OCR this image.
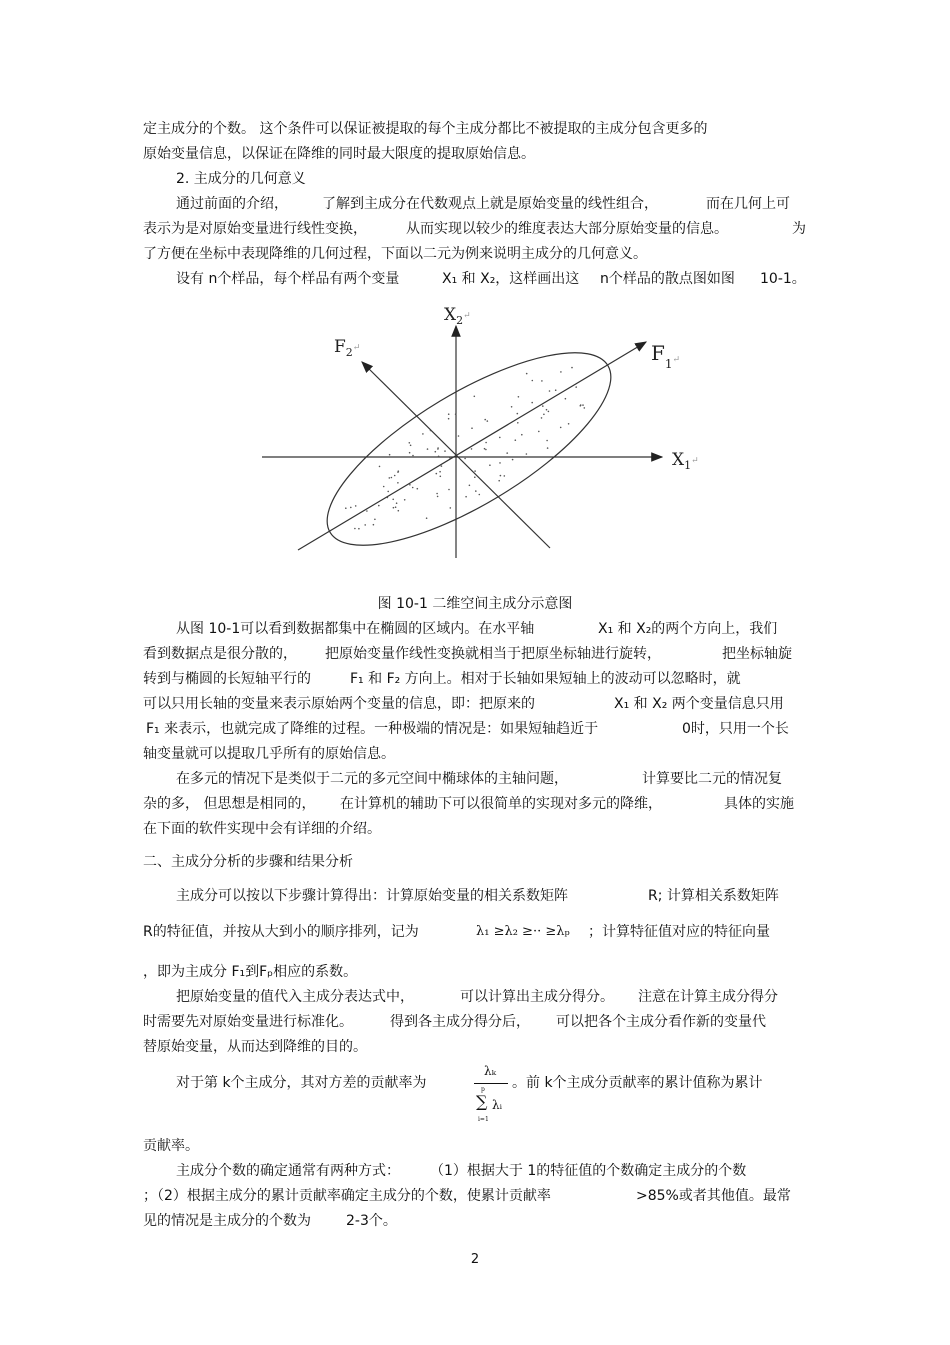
定主成分的个数。 这个条件可以保证被提取的每个主成分都比不被提取的主成分包含更多的
原始变量信息，以保证在降维的同时最大限度的提取原始信息。
2. 主成分的几何意义
通过前面的介绍， 了解到主成分在代数观点上就是原始变量的线性组合，	而在几何上可
表示为是对原始变量进行线性变换，	从而实现以较少的维度表达大部分原始变量的信息。	为
了方便在坐标中表现降维的几何过程，下面以二元为例来说明主成分的几何意义。
设有 n个样品，每个样品有两个变量	X₁ 和 X₂，这样画出这 n个样品的散点图如图 10-1。
$X_2^↵$
$X_1^↵$
$F_1^↵$
$F_2^↵$
图 10-1 二维空间主成分示意图
从图 10-1可以看到数据都集中在椭圆的区域内。在水平轴	X₁ 和 X₂的两个方向上，我们
看到数据点是很分散的， 把原始变量作线性变换就相当于把原坐标轴进行旋转，	把坐标轴旋
转到与椭圆的长短轴平行的	F₁ 和 F₂ 方向上。相对于长轴如果短轴上的波动可以忽略时，就
可以只用长轴的变量来表示原始两个变量的信息，即：把原来的	X₁ 和 X₂ 两个变量信息只用
F₁ 来表示，也就完成了降维的过程。一种极端的情况是：如果短轴趋近于	0时，只用一个长
轴变量就可以提取几乎所有的原始信息。
在多元的情况下是类似于二元的多元空间中椭球体的主轴问题，	计算要比二元的情况复
杂的多， 但思想是相同的， 在计算机的辅助下可以很简单的实现对多元的降维，	具体的实施
在下面的软件实现中会有详细的介绍。
二、主成分分析的步骤和结果分析
主成分可以按以下步骤计算得出：计算原始变量的相关系数矩阵	R; 计算相关系数矩阵
R的特征值，并按从大到小的顺序排列，记为	λ₁ ≥λ₂ ≥·· ≥λₚ ；计算特征值对应的特征向量
，即为主成分 F₁到Fₚ相应的系数。
把原始变量的值代入主成分表达式中，	可以计算出主成分得分。 注意在计算主成分得分
时需要先对原始变量进行标准化。	得到各主成分得分后， 可以把各个主成分看作新的变量代
替原始变量，从而达到降维的目的。
对于第 k个主成分，其对方差的贡献率为
λₖ
p
∑ λᵢ
i=1
。前 k个主成分贡献率的累计值称为累计
贡献率。
主成分个数的确定通常有两种方式： （1）根据大于 1的特征值的个数确定主成分的个数
；（2）根据主成分的累计贡献率确定主成分的个数，使累计贡献率	>85%或者其他值。最常
见的情况是主成分的个数为	2-3个。
2
